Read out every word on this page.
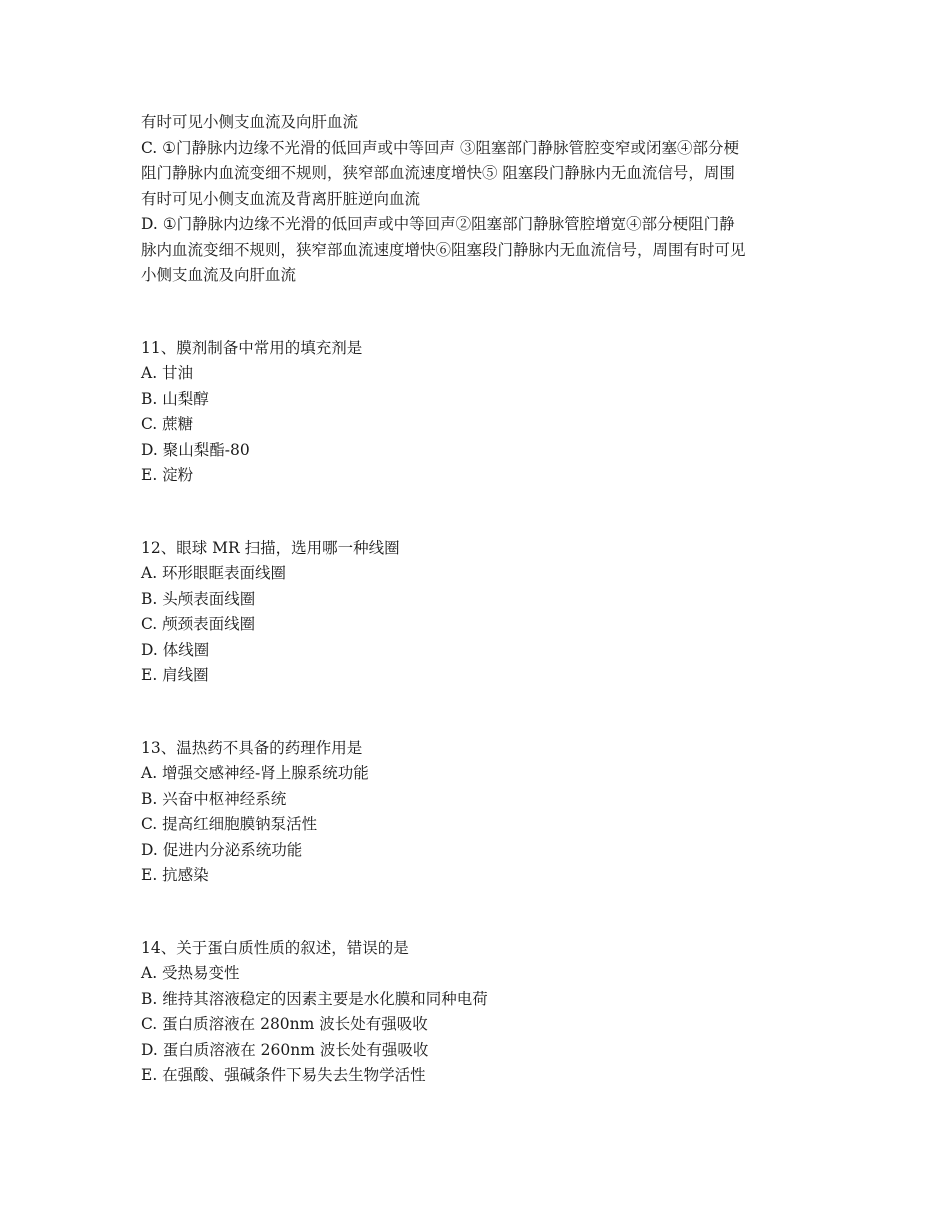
有时可见小侧支血流及向肝血流

C. ①门静脉内边缘不光滑的低回声或中等回声 ③阻塞部门静脉管腔变窄或闭塞④部分梗

阻门静脉内血流变细不规则，狭窄部血流速度增快⑤ 阻塞段门静脉内无血流信号，周围

有时可见小侧支血流及背离肝脏逆向血流

D. ①门静脉内边缘不光滑的低回声或中等回声②阻塞部门静脉管腔增宽④部分梗阻门静

脉内血流变细不规则，狭窄部血流速度增快⑥阻塞段门静脉内无血流信号，周围有时可见

小侧支血流及向肝血流

11、膜剂制备中常用的填充剂是

A. 甘油

B. 山梨醇

C. 蔗糖

D. 聚山梨酯-80

E. 淀粉

12、眼球 MR 扫描，选用哪一种线圈

A. 环形眼眶表面线圈

B. 头颅表面线圈

C. 颅颈表面线圈

D. 体线圈

E. 肩线圈

13、温热药不具备的药理作用是

A. 增强交感神经-肾上腺系统功能

B. 兴奋中枢神经系统

C. 提高红细胞膜钠泵活性

D. 促进内分泌系统功能

E. 抗感染

14、关于蛋白质性质的叙述，错误的是

A. 受热易变性

B. 维持其溶液稳定的因素主要是水化膜和同种电荷

C. 蛋白质溶液在 280nm 波长处有强吸收

D. 蛋白质溶液在 260nm 波长处有强吸收

E. 在强酸、强碱条件下易失去生物学活性
